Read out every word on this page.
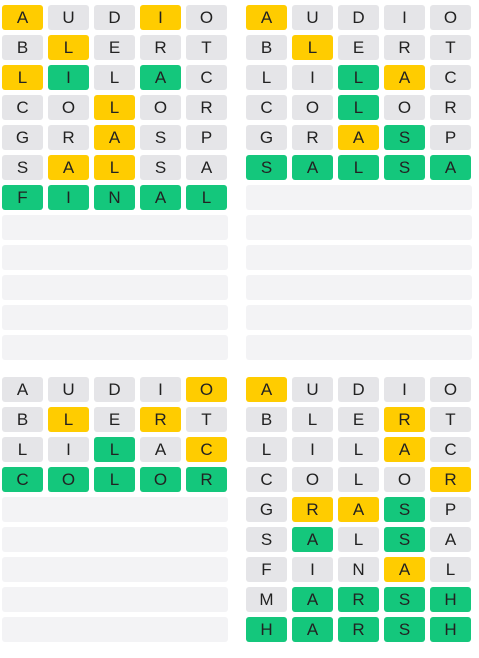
A	U	D	I	O
B	L	E	R	T
L	I	L	A	C
C	O	L	O	R
G	R	A	S	P
S	A	L	S	A
F	I	N	A	L
A	U	D	I	O
B	L	E	R	T
L	I	L	A	C
C	O	L	O	R
G	R	A	S	P
S	A	L	S	A
A	U	D	I	O
B	L	E	R	T
L	I	L	A	C
C	O	L	O	R
A	U	D	I	O
B	L	E	R	T
L	I	L	A	C
C	O	L	O	R
G	R	A	S	P
S	A	L	S	A
F	I	N	A	L
M	A	R	S	H
H	A	R	S	H
